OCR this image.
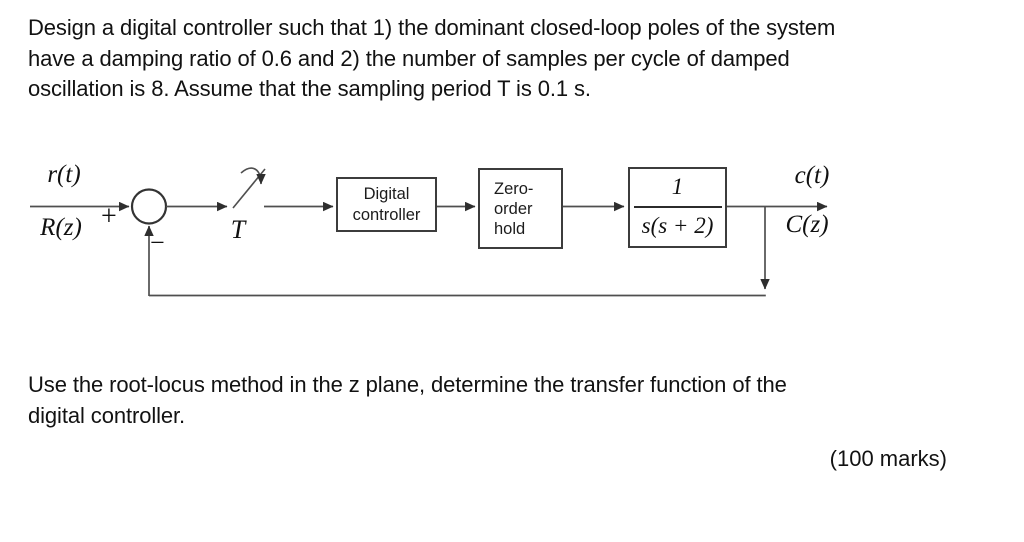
Design a digital controller such that 1) the dominant closed-loop poles of the system
have a damping ratio of 0.6 and 2) the number of samples per cycle of damped
oscillation is 8. Assume that the sampling period T is 0.1 s.
r(t)
R(z) +
−	T
Digital
controller
Zero-
order
hold
1
s(s + 2)
c(t)
C(z)
Use the root-locus method in the z plane, determine the transfer function of the
digital controller.
(100 marks)
